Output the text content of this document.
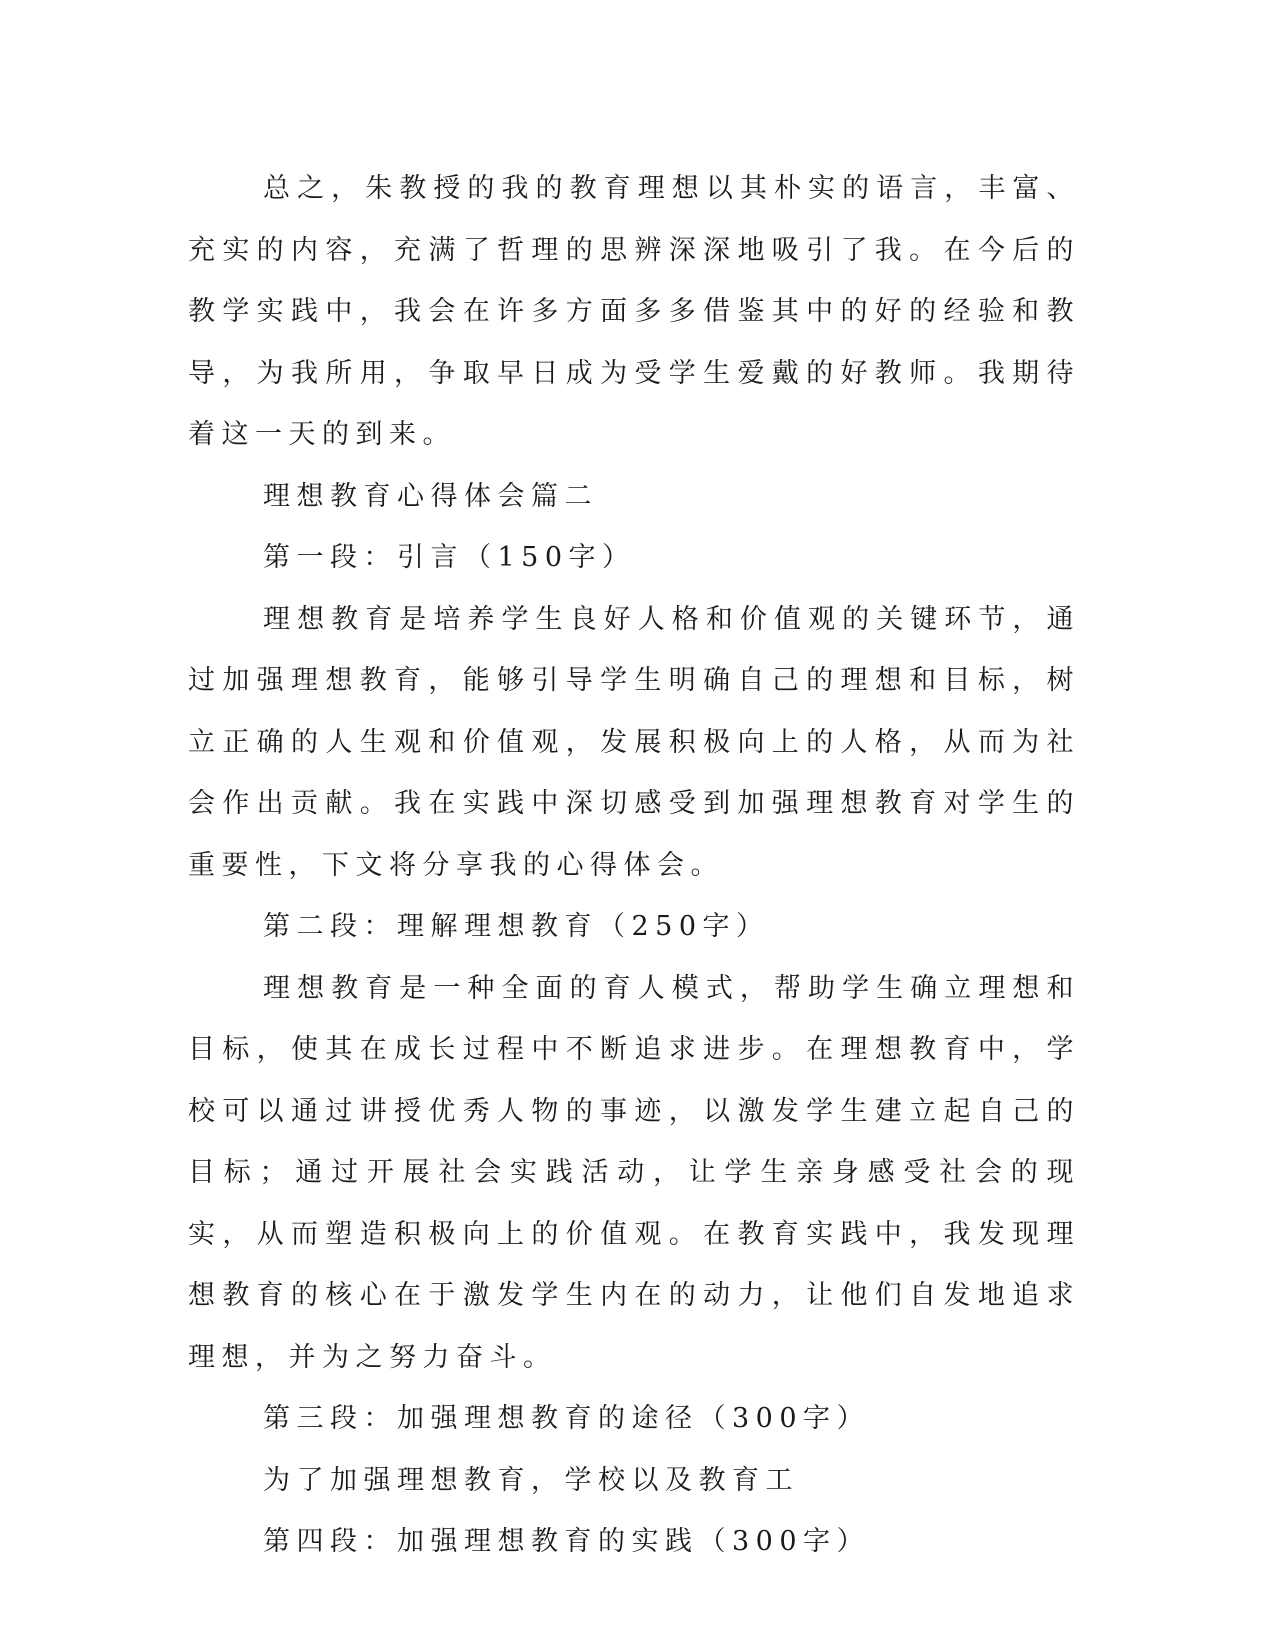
总之，朱教授的我的教育理想以其朴实的语言，丰富、充实的内容，充满了哲理的思辨深深地吸引了我。在今后的教学实践中，我会在许多方面多多借鉴其中的好的经验和教导，为我所用，争取早日成为受学生爱戴的好教师。我期待着这一天的到来。

理想教育心得体会篇二

第一段：引言（150字）

理想教育是培养学生良好人格和价值观的关键环节，通过加强理想教育，能够引导学生明确自己的理想和目标，树立正确的人生观和价值观，发展积极向上的人格，从而为社会作出贡献。我在实践中深切感受到加强理想教育对学生的重要性，下文将分享我的心得体会。

第二段：理解理想教育（250字）

理想教育是一种全面的育人模式，帮助学生确立理想和目标，使其在成长过程中不断追求进步。在理想教育中，学校可以通过讲授优秀人物的事迹，以激发学生建立起自己的目标；通过开展社会实践活动，让学生亲身感受社会的现实，从而塑造积极向上的价值观。在教育实践中，我发现理想教育的核心在于激发学生内在的动力，让他们自发地追求理想，并为之努力奋斗。

第三段：加强理想教育的途径（300字）

为了加强理想教育，学校以及教育工

第四段：加强理想教育的实践（300字）
